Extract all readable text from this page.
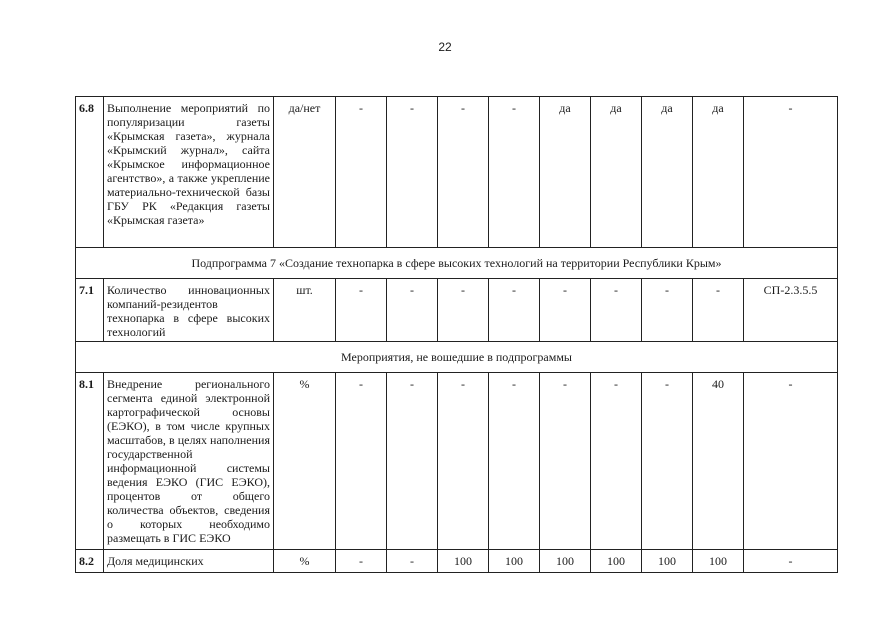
22
6.8	Выполнение мероприятий по популяризации газеты «Крымская газета», журнала «Крымский журнал», сайта «Крымское информационное агентство», а также укрепление материально-технической базы ГБУ РК «Редакция газеты «Крымская газета»	да/нет	-	-	-	-	да	да	да	да	-
Подпрограмма 7 «Создание технопарка в сфере высоких технологий на территории Республики Крым»											
7.1	Количество инновационных компаний-резидентов технопарка в сфере высоких технологий	шт.	-	-	-	-	-	-	-	-	СП-2.3.5.5
Мероприятия, не вошедшие в подпрограммы											
8.1	Внедрение регионального сегмента единой электронной картографической основы (ЕЭКО), в том числе крупных масштабов, в целях наполнения государственной информационной системы ведения ЕЭКО (ГИС ЕЭКО), процентов от общего количества объектов, сведения о которых необходимо размещать в ГИС ЕЭКО	%	-	-	-	-	-	-	-	40	-
8.2	Доля медицинских	%	-	-	100	100	100	100	100	100	-
